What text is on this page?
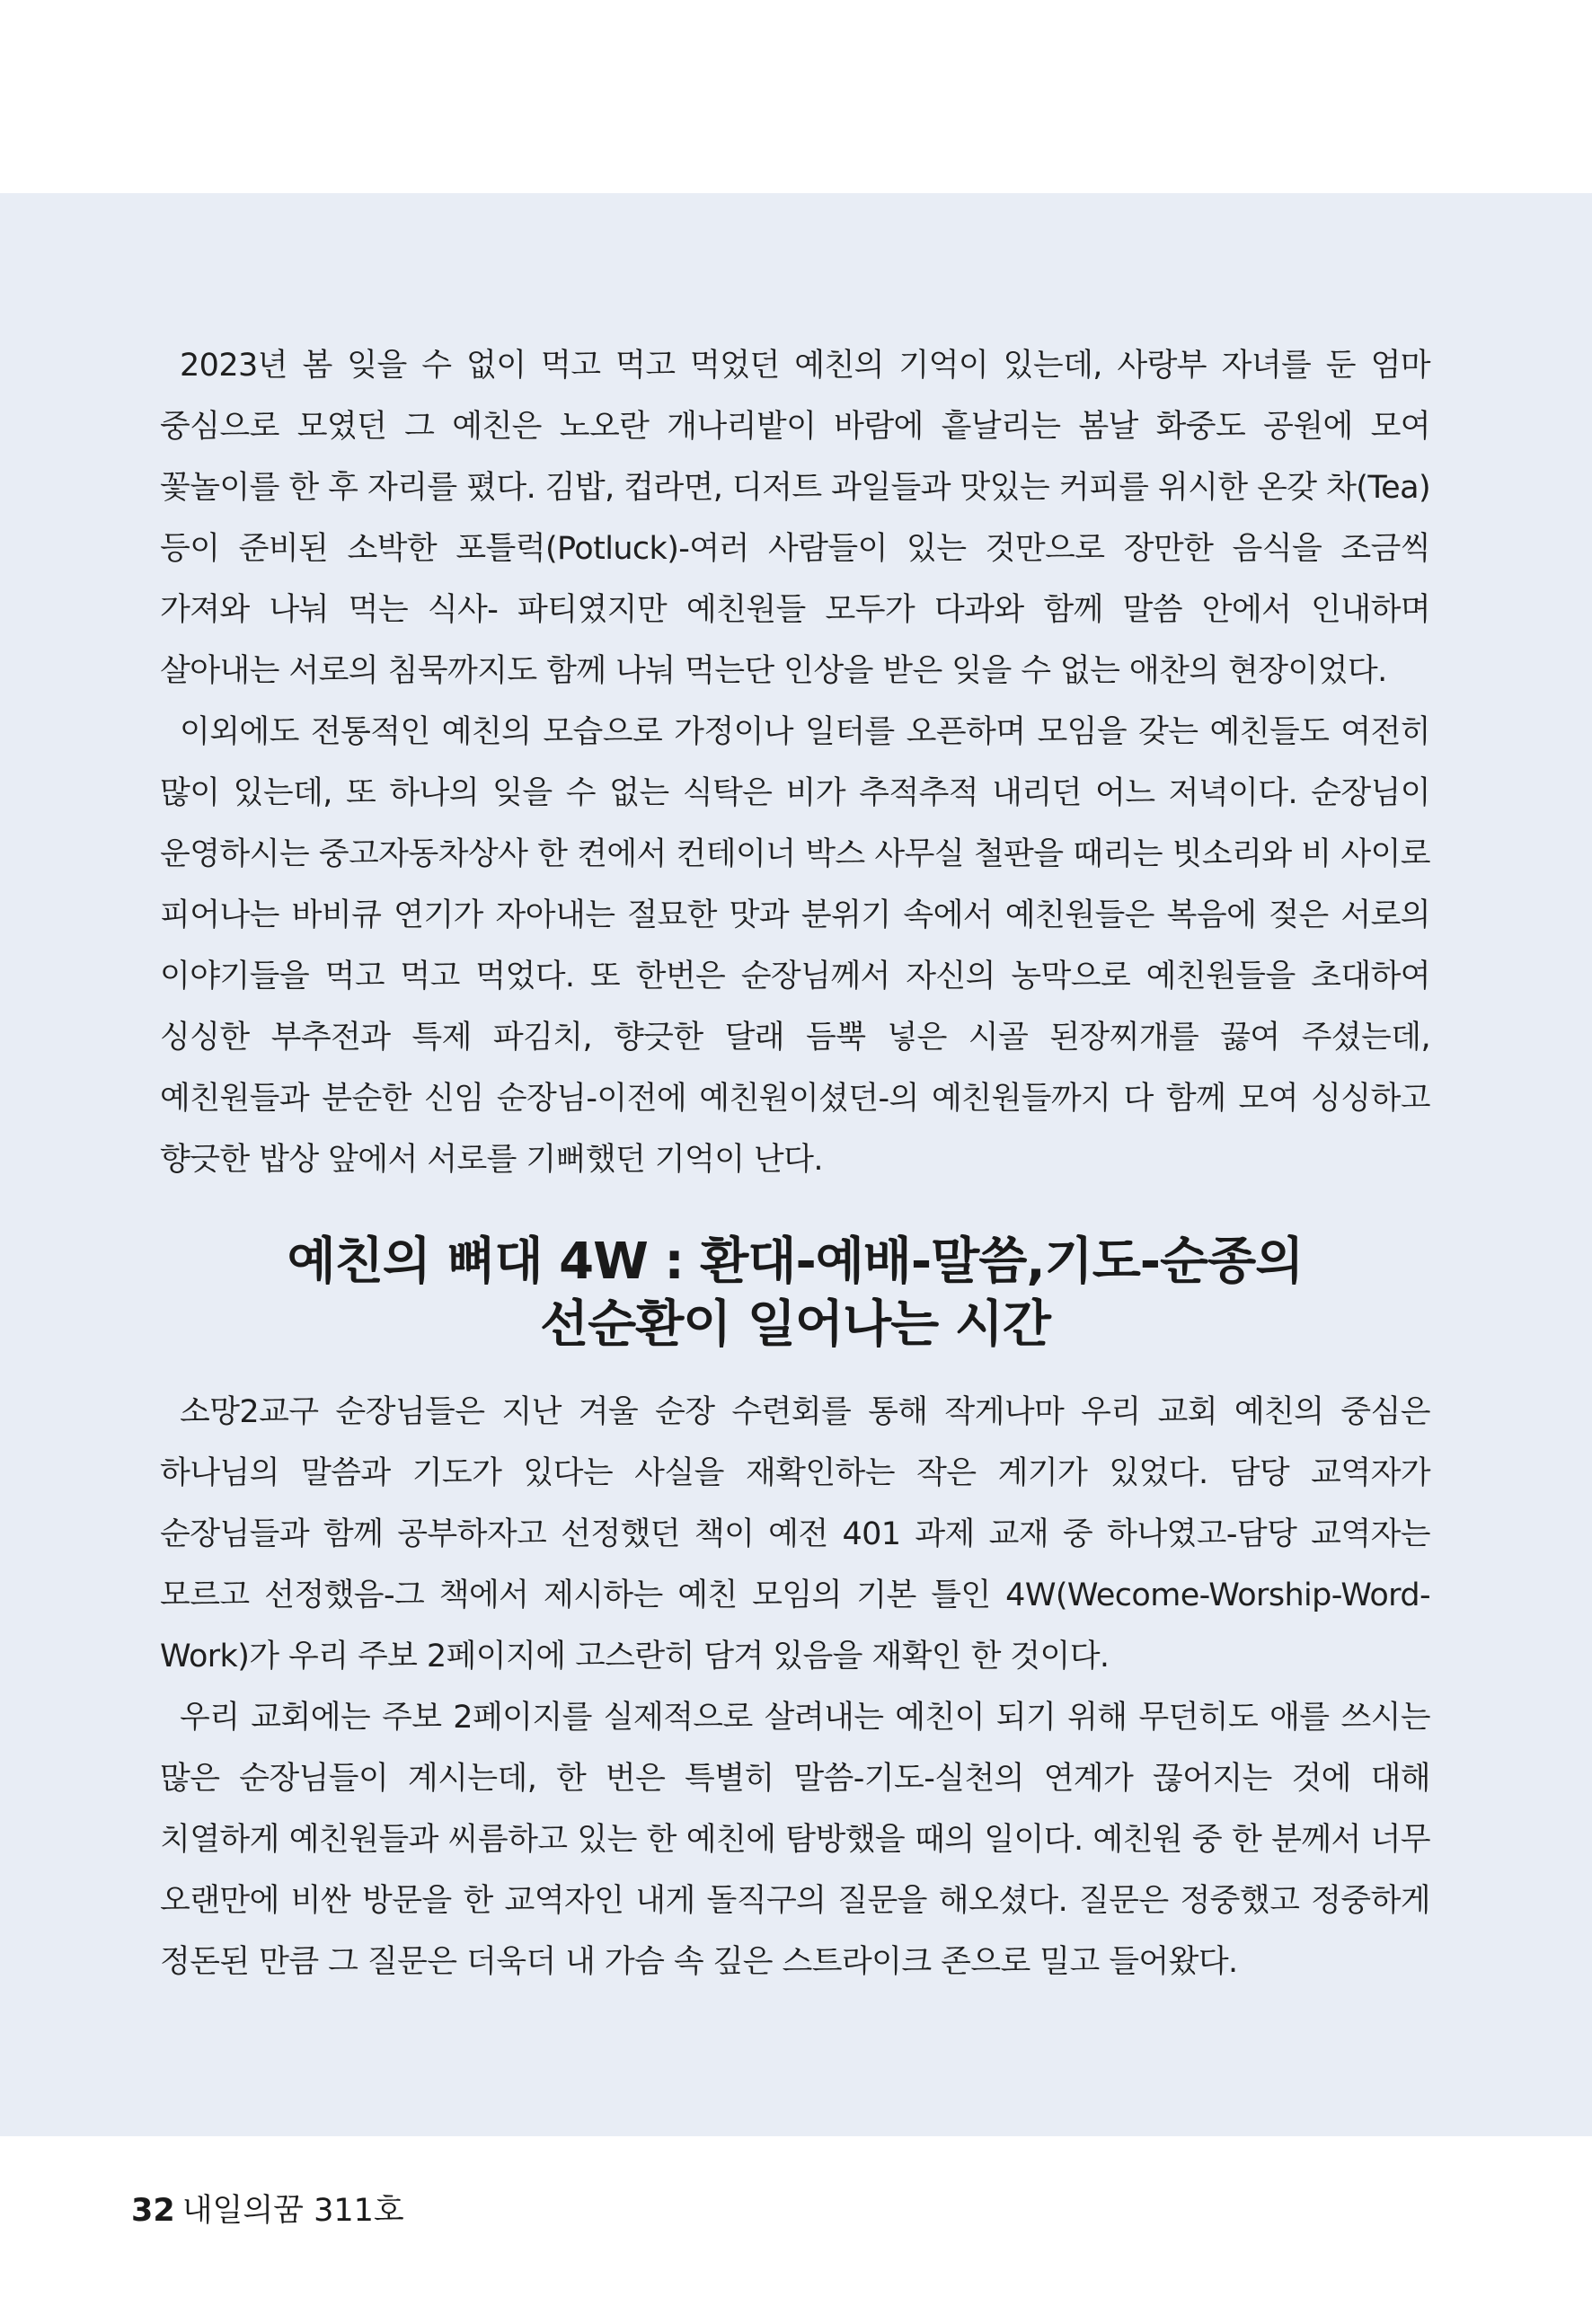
2023년 봄 잊을 수 없이 먹고 먹고 먹었던 예친의 기억이 있는데, 사랑부 자녀를 둔 엄마 중심으로 모였던 그 예친은 노오란 개나리밭이 바람에 흩날리는 봄날 화중도 공원에 모여 꽃놀이를 한 후 자리를 폈다. 김밥, 컵라면, 디저트 과일들과 맛있는 커피를 위시한 온갖 차(Tea)등이 준비된 소박한 포틀럭(Potluck)-여러 사람들이 있는 것만으로 장만한 음식을 조금씩 가져와 나눠 먹는 식사- 파티였지만 예친원들 모두가 다과와 함께 말씀 안에서 인내하며 살아내는 서로의 침묵까지도 함께 나눠 먹는단 인상을 받은 잊을 수 없는 애찬의 현장이었다.

이외에도 전통적인 예친의 모습으로 가정이나 일터를 오픈하며 모임을 갖는 예친들도 여전히 많이 있는데, 또 하나의 잊을 수 없는 식탁은 비가 추적추적 내리던 어느 저녁이다. 순장님이 운영하시는 중고자동차상사 한 켠에서 컨테이너 박스 사무실 철판을 때리는 빗소리와 비 사이로 피어나는 바비큐 연기가 자아내는 절묘한 맛과 분위기 속에서 예친원들은 복음에 젖은 서로의 이야기들을 먹고 먹고 먹었다. 또 한번은 순장님께서 자신의 농막으로 예친원들을 초대하여 싱싱한 부추전과 특제 파김치, 향긋한 달래 듬뿍 넣은 시골 된장찌개를 끓여 주셨는데, 예친원들과 분순한 신임 순장님-이전에 예친원이셨던-의 예친원들까지 다 함께 모여 싱싱하고 향긋한 밥상 앞에서 서로를 기뻐했던 기억이 난다.

예친의 뼈대 4W : 환대-예배-말씀,기도-순종의
선순환이 일어나는 시간

소망2교구 순장님들은 지난 겨울 순장 수련회를 통해 작게나마 우리 교회 예친의 중심은 하나님의 말씀과 기도가 있다는 사실을 재확인하는 작은 계기가 있었다. 담당 교역자가 순장님들과 함께 공부하자고 선정했던 책이 예전 401 과제 교재 중 하나였고-담당 교역자는 모르고 선정했음-그 책에서 제시하는 예친 모임의 기본 틀인 4W(Wecome-Worship-Word-Work)가 우리 주보 2페이지에 고스란히 담겨 있음을 재확인 한 것이다.

우리 교회에는 주보 2페이지를 실제적으로 살려내는 예친이 되기 위해 무던히도 애를 쓰시는 많은 순장님들이 계시는데, 한 번은 특별히 말씀-기도-실천의 연계가 끊어지는 것에 대해 치열하게 예친원들과 씨름하고 있는 한 예친에 탐방했을 때의 일이다. 예친원 중 한 분께서 너무 오랜만에 비싼 방문을 한 교역자인 내게 돌직구의 질문을 해오셨다. 질문은 정중했고 정중하게 정돈된 만큼 그 질문은 더욱더 내 가슴 속 깊은 스트라이크 존으로 밀고 들어왔다.

32 내일의꿈 311호
